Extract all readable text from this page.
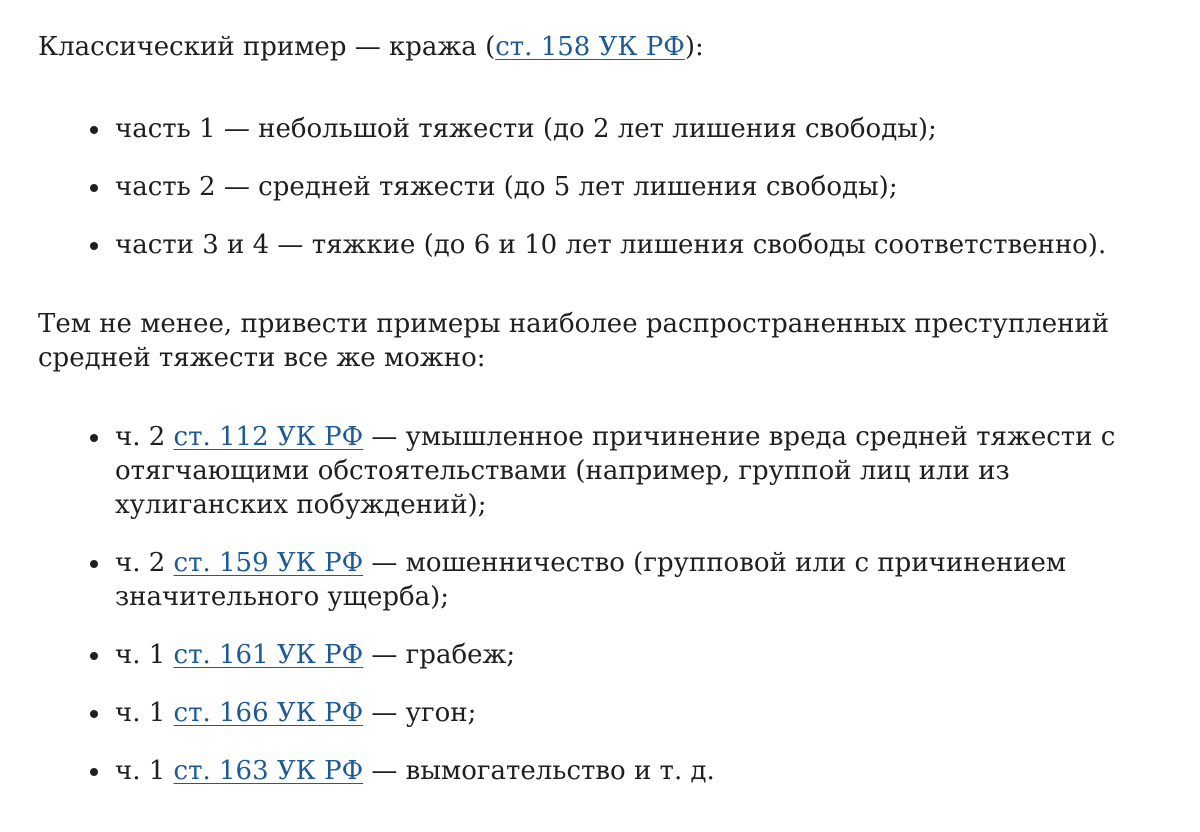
Классический пример — кража (ст. 158 УК РФ):

часть 1 — небольшой тяжести (до 2 лет лишения свободы);
часть 2 — средней тяжести (до 5 лет лишения свободы);
части 3 и 4 — тяжкие (до 6 и 10 лет лишения свободы соответственно).

Тем не менее, привести примеры наиболее распространенных преступлений средней тяжести все же можно:

ч. 2 ст. 112 УК РФ — умышленное причинение вреда средней тяжести с отягчающими обстоятельствами (например, группой лиц или из хулиганских побуждений);
ч. 2 ст. 159 УК РФ — мошенничество (групповой или с причинением значительного ущерба);
ч. 1 ст. 161 УК РФ — грабеж;
ч. 1 ст. 166 УК РФ — угон;
ч. 1 ст. 163 УК РФ — вымогательство и т. д.
